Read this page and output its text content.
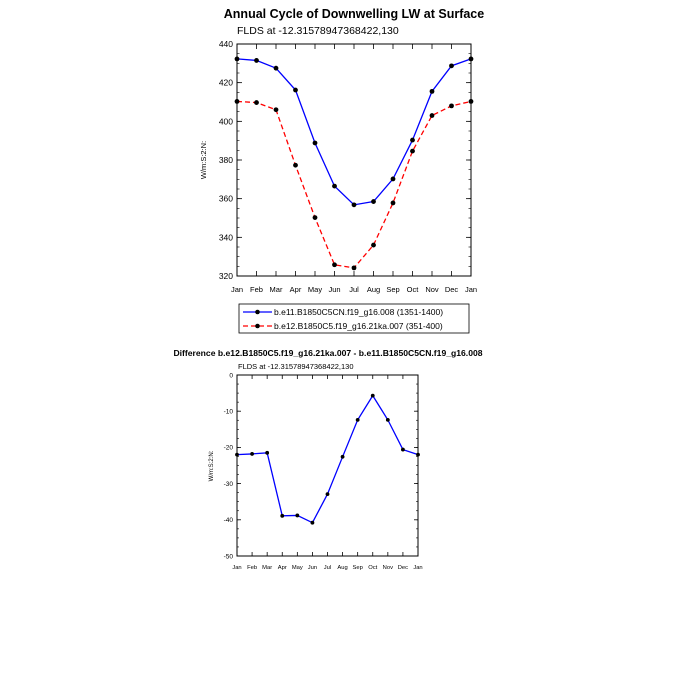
Annual Cycle of Downwelling LW at Surface
FLDS at -12.31578947368422,130
W/m:S:2:N:
Jan Feb Mar Apr May Jun Jul Aug Sep Oct Nov Dec Jan
320
340
360
380
400
420
440
b.e11.B1850C5CN.f19_g16.008 (1351-1400)
b.e12.B1850C5.f19_g16.21ka.007 (351-400)
Difference b.e12.B1850C5.f19_g16.21ka.007 - b.e11.B1850C5CN.f19_g16.008
FLDS at -12.31578947368422,130
W/m:S:2:N:
Jan Feb Mar Apr May Jun Jul Aug Sep Oct Nov Dec Jan
-50
-40
-30
-20
-10
0
